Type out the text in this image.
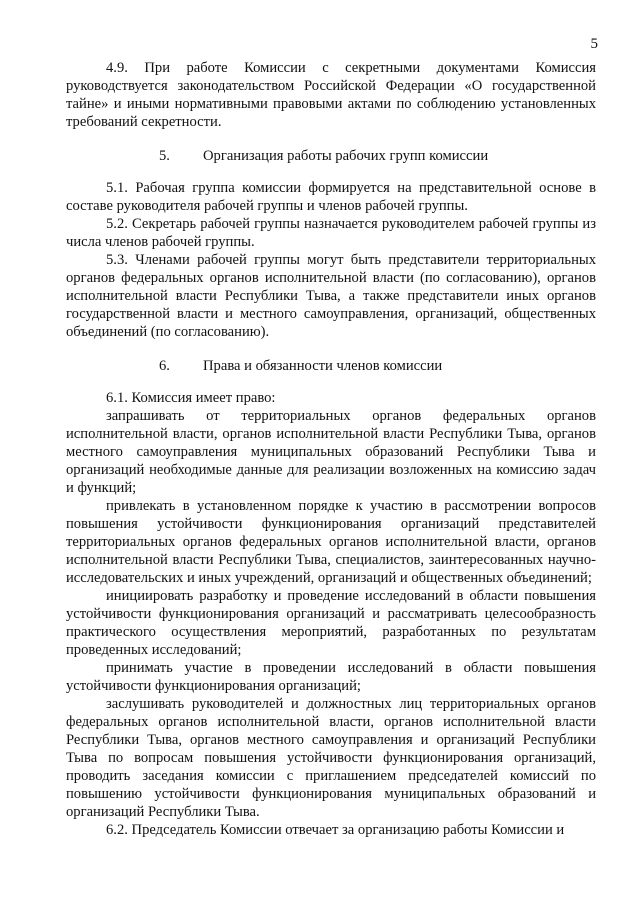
5

4.9. При работе Комиссии с секретными документами Комиссия руководствуется законодательством Российской Федерации «О государственной тайне» и иными нормативными правовыми актами по соблюдению установленных требований секретности.

5. Организация работы рабочих групп комиссии

5.1. Рабочая группа комиссии формируется на представительной основе в составе руководителя рабочей группы и членов рабочей группы.

5.2. Секретарь рабочей группы назначается руководителем рабочей группы из числа членов рабочей группы.

5.3. Членами рабочей группы могут быть представители территориальных органов федеральных органов исполнительной власти (по согласованию), органов исполнительной власти Республики Тыва, а также представители иных органов государственной власти и местного самоуправления, организаций, общественных объединений (по согласованию).

6. Права и обязанности членов комиссии

6.1. Комиссия имеет право:

запрашивать от территориальных органов федеральных органов исполнительной власти, органов исполнительной власти Республики Тыва, органов местного самоуправления муниципальных образований Республики Тыва и организаций необходимые данные для реализации возложенных на комиссию задач и функций;

привлекать в установленном порядке к участию в рассмотрении вопросов повышения устойчивости функционирования организаций представителей территориальных органов федеральных органов исполнительной власти, органов исполнительной власти Республики Тыва, специалистов, заинтересованных научно-исследовательских и иных учреждений, организаций и общественных объединений;

инициировать разработку и проведение исследований в области повышения устойчивости функционирования организаций и рассматривать целесообразность практического осуществления мероприятий, разработанных по результатам проведенных исследований;

принимать участие в проведении исследований в области повышения устойчивости функционирования организаций;

заслушивать руководителей и должностных лиц территориальных органов федеральных органов исполнительной власти, органов исполнительной власти Республики Тыва, органов местного самоуправления и организаций Республики Тыва по вопросам повышения устойчивости функционирования организаций, проводить заседания комиссии с приглашением председателей комиссий по повышению устойчивости функционирования муниципальных образований и организаций Республики Тыва.

6.2. Председатель Комиссии отвечает за организацию работы Комиссии и
